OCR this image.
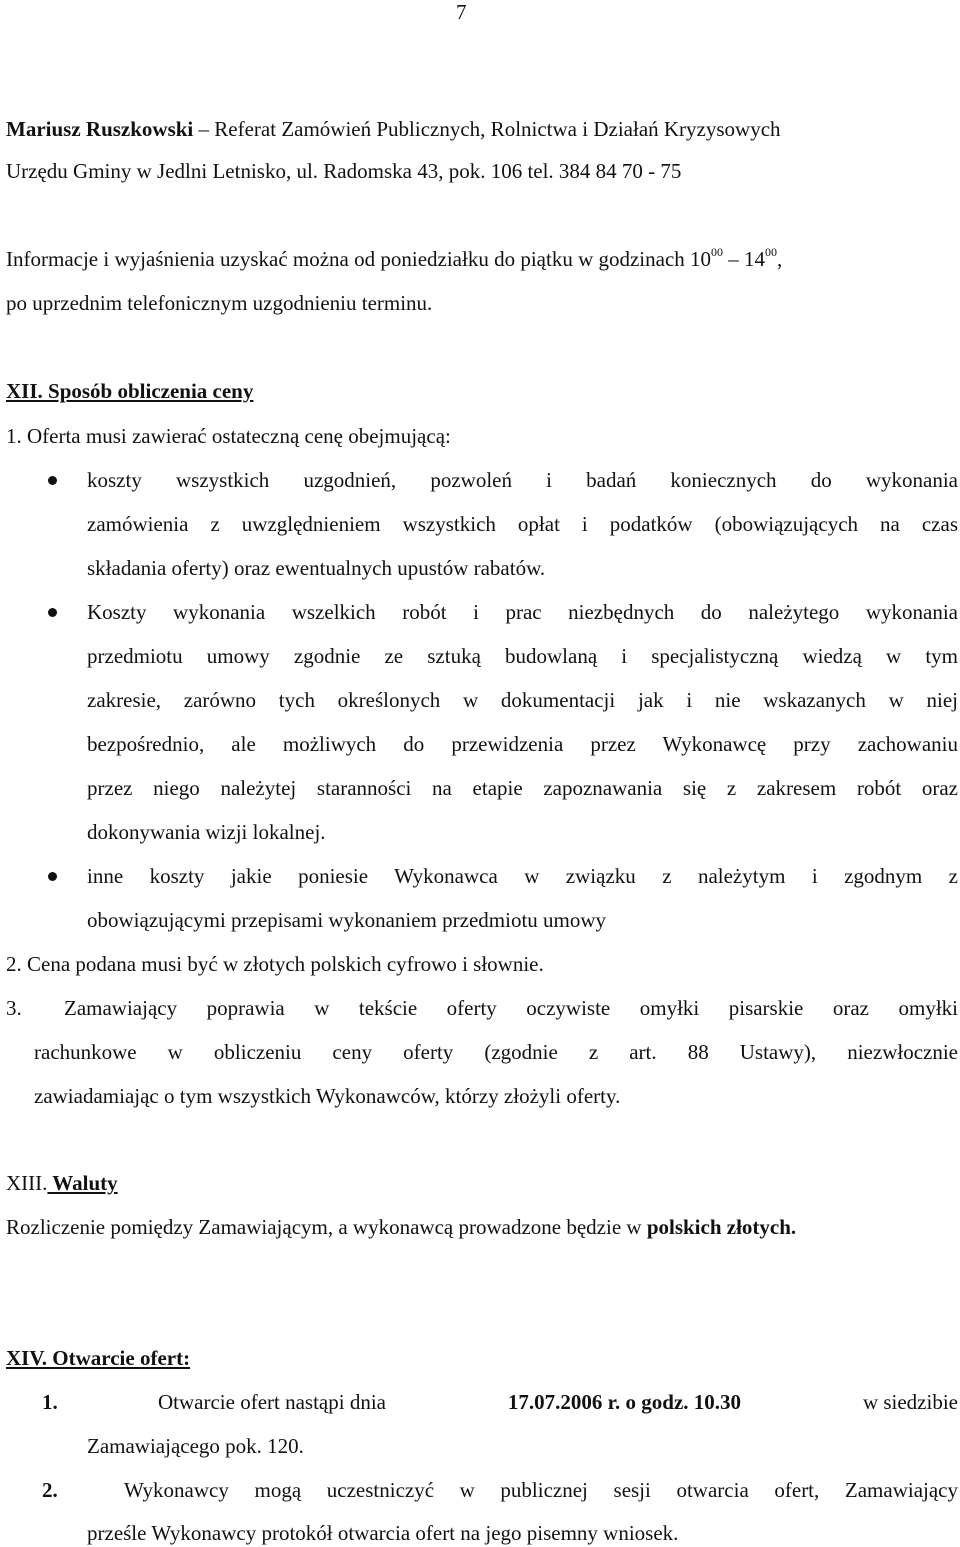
7
Mariusz Ruszkowski – Referat Zamówień Publicznych, Rolnictwa i Działań Kryzysowych
Urzędu Gminy w Jedlni Letnisko, ul. Radomska 43, pok. 106 tel. 384 84 70 - 75
Informacje i wyjaśnienia uzyskać można od poniedziałku do piątku w godzinach $10^{00} - 14^{00}$,
po uprzednim telefonicznym uzgodnieniu terminu.
XII. Sposób obliczenia ceny
1. Oferta musi zawierać ostateczną cenę obejmującą:
koszty wszystkich uzgodnień, pozwoleń i badań koniecznych do wykonania
zamówienia z uwzględnieniem wszystkich opłat i podatków (obowiązujących na czas
składania oferty) oraz ewentualnych upustów rabatów.
Koszty wykonania wszelkich robót i prac niezbędnych do należytego wykonania
przedmiotu umowy zgodnie ze sztuką budowlaną i specjalistyczną wiedzą w tym
zakresie, zarówno tych określonych w dokumentacji jak i nie wskazanych w niej
bezpośrednio, ale możliwych do przewidzenia przez Wykonawcę przy zachowaniu
przez niego należytej staranności na etapie zapoznawania się z zakresem robót oraz
dokonywania wizji lokalnej.
inne koszty jakie poniesie Wykonawca w związku z należytym i zgodnym z
obowiązującymi przepisami wykonaniem przedmiotu umowy
2. Cena podana musi być w złotych polskich cyfrowo i słownie.
3. Zamawiający poprawia w tekście oferty oczywiste omyłki pisarskie oraz omyłki
rachunkowe w obliczeniu ceny oferty (zgodnie z art. 88 Ustawy), niezwłocznie
zawiadamiając o tym wszystkich Wykonawców, którzy złożyli oferty.
XIII. Waluty
Rozliczenie pomiędzy Zamawiającym, a wykonawcą prowadzone będzie w polskich złotych.
XIV. Otwarcie ofert:
1.	Otwarcie ofert nastąpi dnia	17.07.2006 r. o godz. 10.30	w siedzibie
Zamawiającego pok. 120.
2.	Wykonawcy mogą uczestniczyć w publicznej sesji otwarcia ofert, Zamawiający
prześle Wykonawcy protokół otwarcia ofert na jego pisemny wniosek.
